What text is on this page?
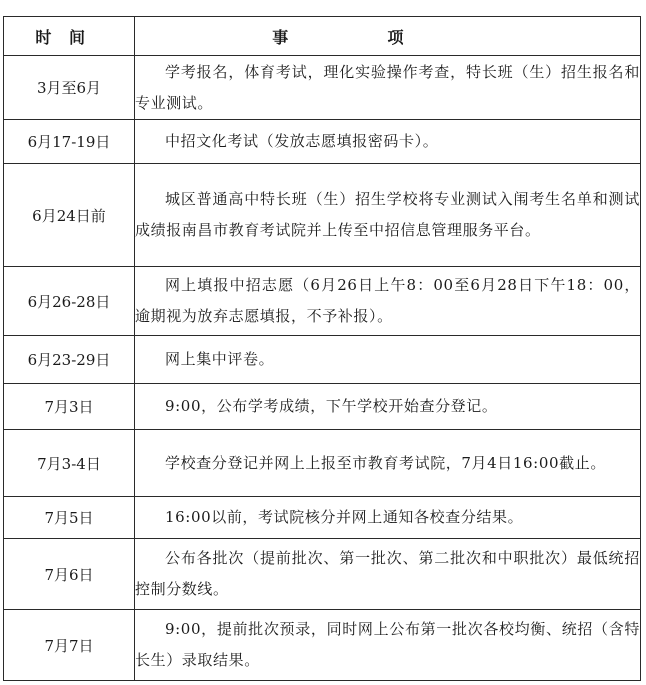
时间	事项
3月至6月	学考报名，体育考试，理化实验操作考查，特长班（生）招生报名和专业测试。
6月17-19日	中招文化考试（发放志愿填报密码卡）。
6月24日前	城区普通高中特长班（生）招生学校将专业测试入闱考生名单和测试成绩报南昌市教育考试院并上传至中招信息管理服务平台。
6月26-28日	网上填报中招志愿（6月26日上午8：00至6月28日下午18：00，逾期视为放弃志愿填报，不予补报）。
6月23-29日	网上集中评卷。
7月3日	9:00，公布学考成绩，下午学校开始查分登记。
7月3-4日	学校查分登记并网上上报至市教育考试院，7月4日16:00截止。
7月5日	16:00以前，考试院核分并网上通知各校查分结果。
7月6日	公布各批次（提前批次、第一批次、第二批次和中职批次）最低统招控制分数线。
7月7日	9:00，提前批次预录，同时网上公布第一批次各校均衡、统招（含特长生）录取结果。
